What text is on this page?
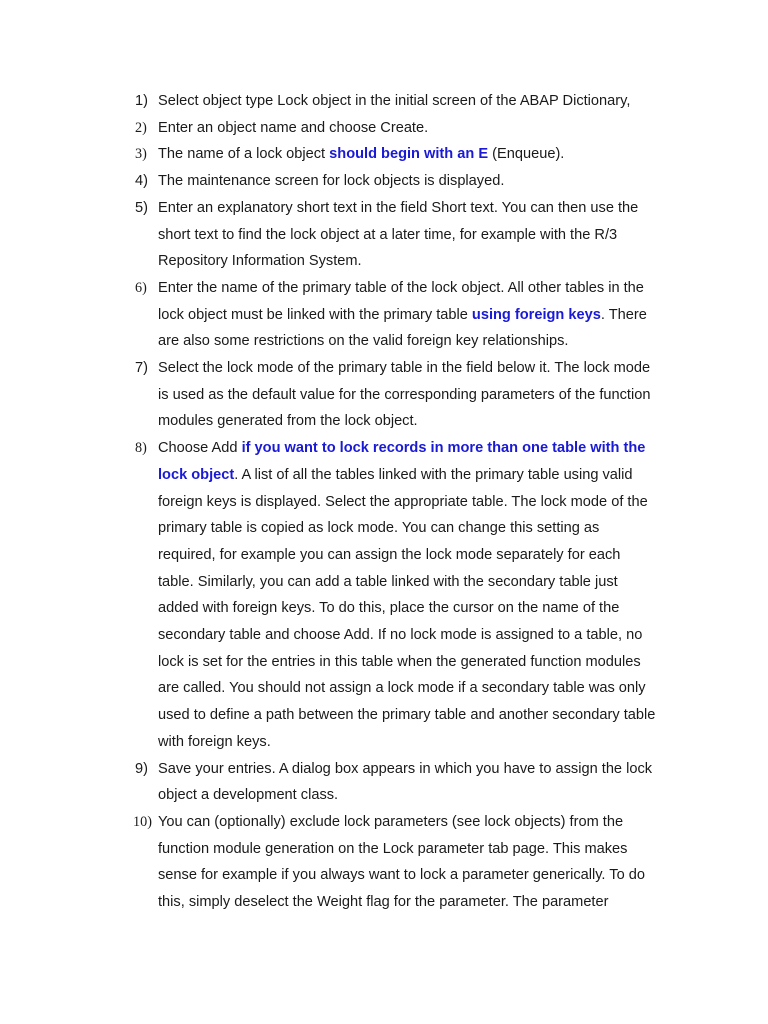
1) Select object type Lock object in the initial screen of the ABAP Dictionary,
2) Enter an object name and choose Create.
3) The name of a lock object should begin with an E (Enqueue).
4) The maintenance screen for lock objects is displayed.
5) Enter an explanatory short text in the field Short text. You can then use the short text to find the lock object at a later time, for example with the R/3 Repository Information System.
6) Enter the name of the primary table of the lock object. All other tables in the lock object must be linked with the primary table using foreign keys. There are also some restrictions on the valid foreign key relationships.
7) Select the lock mode of the primary table in the field below it. The lock mode is used as the default value for the corresponding parameters of the function modules generated from the lock object.
8) Choose Add if you want to lock records in more than one table with the lock object. A list of all the tables linked with the primary table using valid foreign keys is displayed. Select the appropriate table. The lock mode of the primary table is copied as lock mode. You can change this setting as required, for example you can assign the lock mode separately for each table. Similarly, you can add a table linked with the secondary table just added with foreign keys. To do this, place the cursor on the name of the secondary table and choose Add. If no lock mode is assigned to a table, no lock is set for the entries in this table when the generated function modules are called. You should not assign a lock mode if a secondary table was only used to define a path between the primary table and another secondary table with foreign keys.
9) Save your entries. A dialog box appears in which you have to assign the lock object a development class.
10) You can (optionally) exclude lock parameters (see lock objects) from the function module generation on the Lock parameter tab page. This makes sense for example if you always want to lock a parameter generically. To do this, simply deselect the Weight flag for the parameter. The parameter
